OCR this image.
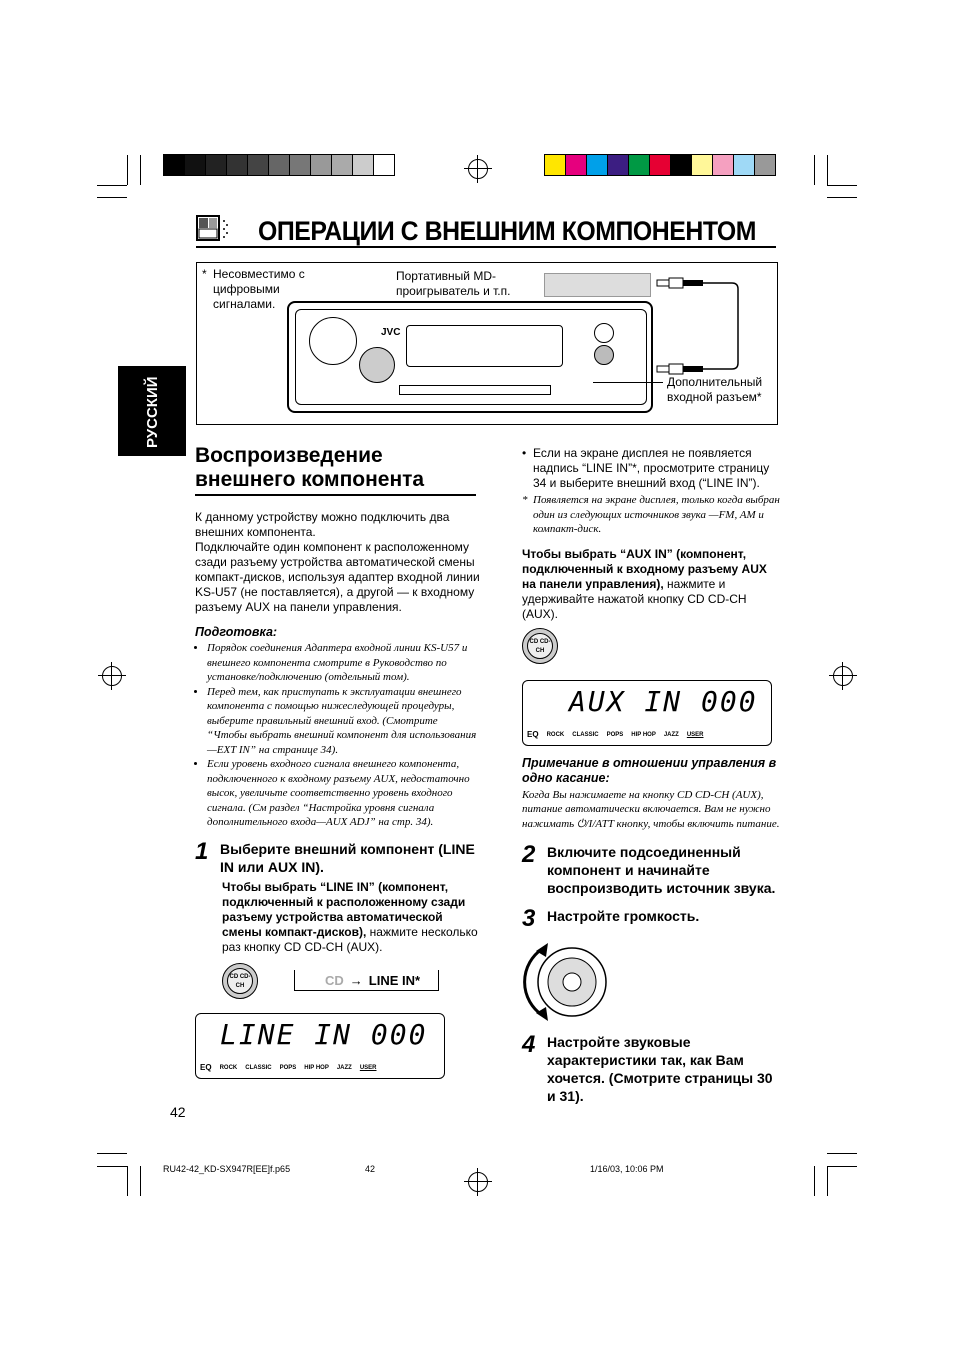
ОПЕРАЦИИ С ВНЕШНИМ КОМПОНЕНТОМ
РУССКИЙ
* Несовместимо с цифровыми сигналами.
Портативный MD-проигрыватель и т.п.
JVC
Дополнительный входной разъем*
Воспроизведение внешнего компонента
К данному устройству можно подключить два внешних компонента.
Подключайте один компонент к расположенному сзади разъему устройства автоматической смены компакт-дисков, используя адаптер входной линии KS-U57 (не поставляется), а другой — к входному разъему AUX на панели управления.
Подготовка:
• Порядок соединения Адаптера входной линии KS-U57 и внешнего компонента смотрите в Руководство по установке/подключению (отдельный том).
• Перед тем, как приступать к эксплуатации внешнего компонента с помощью нижеследующей процедуры, выберите правильный внешний вход. (Смотрите “Чтобы выбрать внешний компонент для использования—EXT IN” на странице 34).
• Если уровень входного сигнала внешнего компонента, подключенного к входному разъему AUX, недостаточно высок, увеличьте соответственно уровень входного сигнала. (См раздел “Настройка уровня сигнала дополнительного входа—AUX ADJ” на стр. 34).
1 Выберите внешний компонент (LINE IN или AUX IN).
Чтобы выбрать “LINE IN” (компонент, подключенный к расположенному сзади разъему устройства автоматической смены компакт-дисков), нажмите несколько раз кнопку CD CD-CH (AUX).
CD CD-CH	CD → LINE IN*
LINE IN 000
EQ ROCK CLASSIC POPS HIP HOP JAZZ USER
42
• Если на экране дисплея не появляется надпись “LINE IN”*, просмотрите страницу 34 и выберите внешний вход (“LINE IN”).
* Появляется на экране дисплея, только когда выбран один из следующих источников звука —FM, AM и компакт-диск.
Чтобы выбрать “AUX IN” (компонент, подключенный к входному разъему AUX на панели управления), нажмите и удерживайте нажатой кнопку CD CD-CH (AUX).
CD CD-CH
AUX IN 000
EQ ROCK CLASSIC POPS HIP HOP JAZZ USER
Примечание в отношении управления в одно касание:
Когда Вы нажимаете на кнопку CD CD-CH (AUX), питание автоматически включается. Вам не нужно нажимать ⏻/I/ATT кнопку, чтобы включить питание.
2 Включите подсоединенный компонент и начинайте воспроизводить источник звука.
3 Настройте громкость.
4 Настройте звуковые характеристики так, как Вам хочется. (Смотрите страницы 30 и 31).
RU42-42_KD-SX947R[EE]f.p65	42	1/16/03, 10:06 PM
